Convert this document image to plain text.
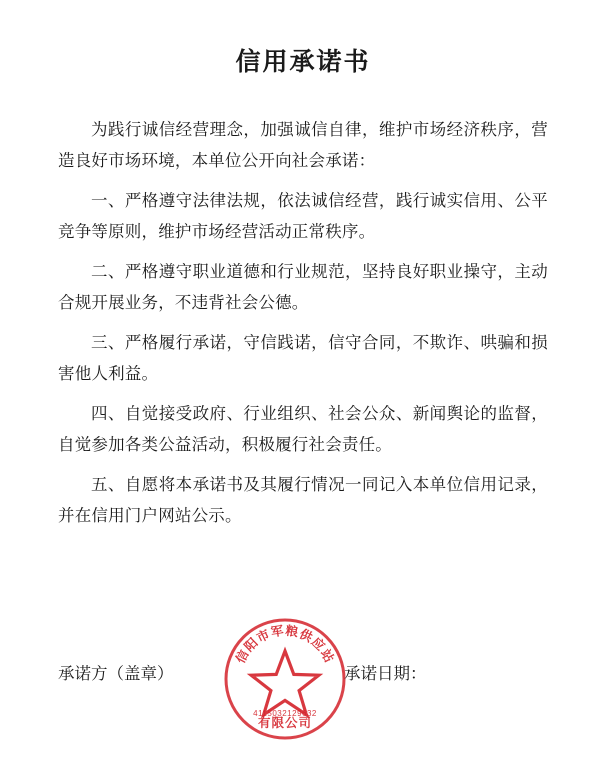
信用承诺书

为践行诚信经营理念，加强诚信自律，维护市场经济秩序，营造良好市场环境，本单位公开向社会承诺：

一、严格遵守法律法规，依法诚信经营，践行诚实信用、公平竞争等原则，维护市场经营活动正常秩序。

二、严格遵守职业道德和行业规范，坚持良好职业操守，主动合规开展业务，不违背社会公德。

三、严格履行承诺，守信践诺，信守合同，不欺诈、哄骗和损害他人利益。

四、自觉接受政府、行业组织、社会公众、新闻舆论的监督，自觉参加各类公益活动，积极履行社会责任。

五、自愿将本承诺书及其履行情况一同记入本单位信用记录，并在信用门户网站公示。

信阳市军粮供应站
有限公司
4115032129632
承诺方（盖章）	承诺日期：
